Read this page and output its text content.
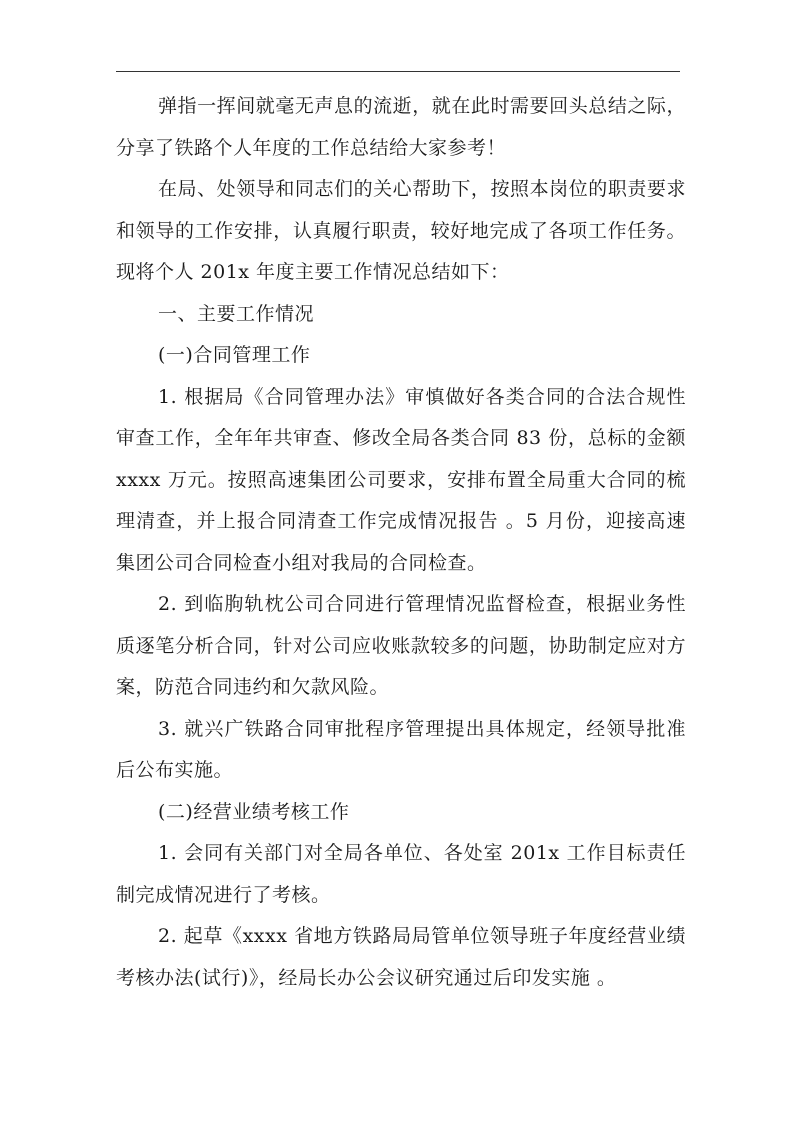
弹指一挥间就毫无声息的流逝，就在此时需要回头总结之际，分享了铁路个人年度的工作总结给大家参考！

在局、处领导和同志们的关心帮助下，按照本岗位的职责要求和领导的工作安排，认真履行职责，较好地完成了各项工作任务。现将个人 201x 年度主要工作情况总结如下：

一、主要工作情况

(一)合同管理工作

1. 根据局《合同管理办法》审慎做好各类合同的合法合规性审查工作，全年年共审查、修改全局各类合同 83 份，总标的金额 xxxx 万元。按照高速集团公司要求，安排布置全局重大合同的梳理清查，并上报合同清查工作完成情况报告 。5 月份，迎接高速集团公司合同检查小组对我局的合同检查。

2. 到临朐轨枕公司合同进行管理情况监督检查，根据业务性质逐笔分析合同，针对公司应收账款较多的问题，协助制定应对方案，防范合同违约和欠款风险。

3. 就兴广铁路合同审批程序管理提出具体规定，经领导批准后公布实施。

(二)经营业绩考核工作

1. 会同有关部门对全局各单位、各处室 201x 工作目标责任制完成情况进行了考核。

2. 起草《xxxx 省地方铁路局局管单位领导班子年度经营业绩考核办法(试行)》，经局长办公会议研究通过后印发实施 。
